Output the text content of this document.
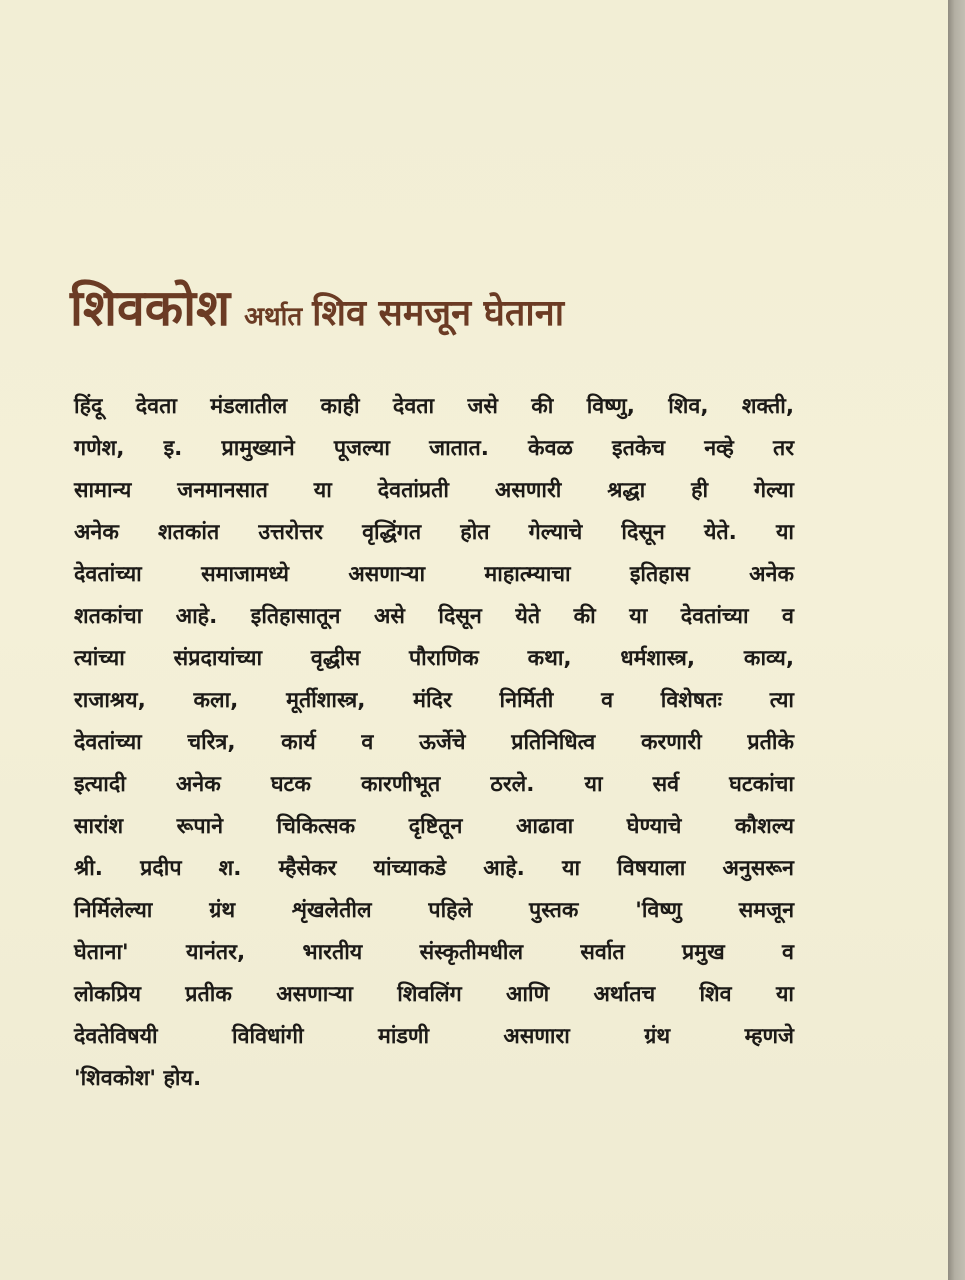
शिवकोश अर्थात शिव समजून घेताना
हिंदू देवता मंडलातील काही देवता जसे की विष्णु, शिव, शक्ती,
गणेश, इ. प्रामुख्याने पूजल्या जातात. केवळ इतकेच नव्हे तर
सामान्य जनमानसात या देवतांप्रती असणारी श्रद्धा ही गेल्या
अनेक शतकांत उत्तरोत्तर वृद्धिंगत होत गेल्याचे दिसून येते. या
देवतांच्या समाजामध्ये असणाऱ्या माहात्म्याचा इतिहास अनेक
शतकांचा आहे. इतिहासातून असे दिसून येते की या देवतांच्या व
त्यांच्या संप्रदायांच्या वृद्धीस पौराणिक कथा, धर्मशास्त्र, काव्य,
राजाश्रय, कला, मूर्तीशास्त्र, मंदिर निर्मिती व विशेषतः त्या
देवतांच्या चरित्र, कार्य व ऊर्जेचे प्रतिनिधित्व करणारी प्रतीके
इत्यादी अनेक घटक कारणीभूत ठरले. या सर्व घटकांचा
सारांश रूपाने चिकित्सक दृष्टितून आढावा घेण्याचे कौशल्य
श्री. प्रदीप श. म्हैसेकर यांच्याकडे आहे. या विषयाला अनुसरून
निर्मिलेल्या ग्रंथ शृंखलेतील पहिले पुस्तक 'विष्णु समजून
घेताना' यानंतर, भारतीय संस्कृतीमधील सर्वात प्रमुख व
लोकप्रिय प्रतीक असणाऱ्या शिवलिंग आणि अर्थातच शिव या
देवतेविषयी विविधांगी मांडणी असणारा ग्रंथ म्हणजे
'शिवकोश' होय.
